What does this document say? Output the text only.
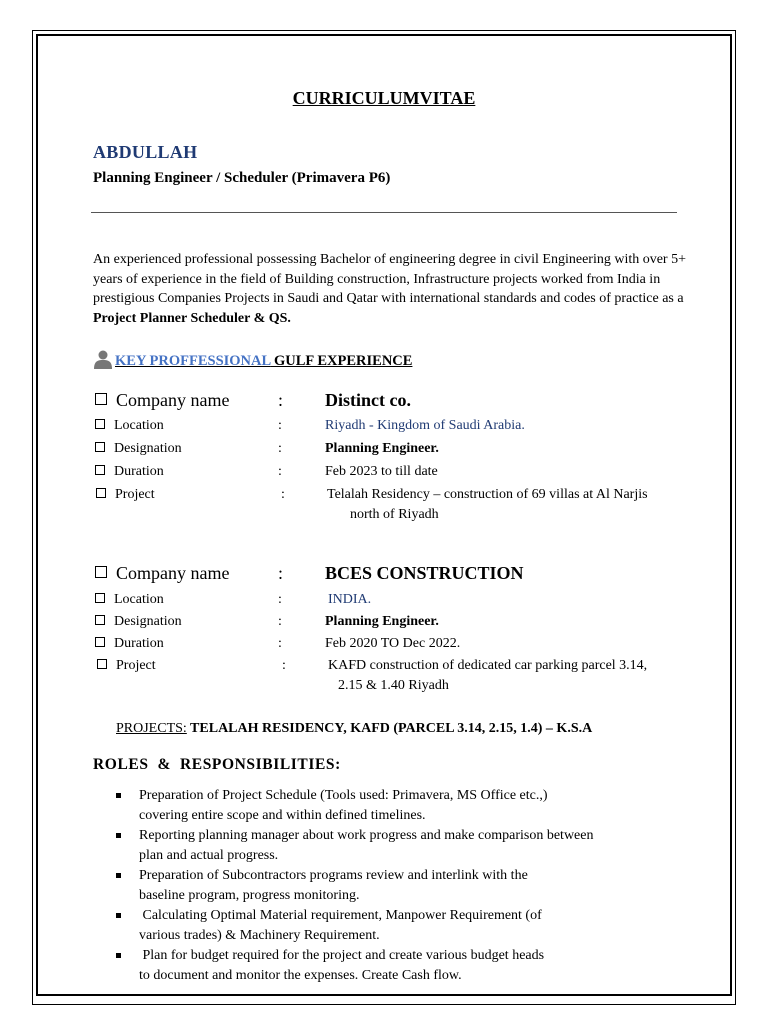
CURRICULUMVITAE
ABDULLAH
Planning Engineer / Scheduler (Primavera P6)
An experienced professional possessing Bachelor of engineering degree in civil Engineering with over 5+ years of experience in the field of Building construction, Infrastructure projects worked from India in prestigious Companies Projects in Saudi and Qatar with international standards and codes of practice as a Project Planner Scheduler & QS.
KEY PROFFESSIONAL GULF EXPERIENCE
Company name	: Distinct co.
Location	:	Riyadh - Kingdom of Saudi Arabia.
Designation	:	Planning Engineer.
Duration	:	Feb 2023 to till date
Project	:	Telalah Residency – construction of 69 villas at Al Narjis
north of Riyadh
Company name	: BCES CONSTRUCTION
Location	:	INDIA.
Designation	:	Planning Engineer.
Duration	:	Feb 2020 TO Dec 2022.
Project	:	KAFD construction of dedicated car parking parcel 3.14,
2.15 & 1.40 Riyadh
PROJECTS: TELALAH RESIDENCY, KAFD (PARCEL 3.14, 2.15, 1.4) – K.S.A
ROLES  &  RESPONSIBILITIES:
Preparation of Project Schedule (Tools used: Primavera, MS Office etc.,)
covering entire scope and within defined timelines.
Reporting planning manager about work progress and make comparison between
plan and actual progress.
Preparation of Subcontractors programs review and interlink with the
baseline program, progress monitoring.
Calculating Optimal Material requirement, Manpower Requirement (of
various trades) & Machinery Requirement.
Plan for budget required for the project and create various budget heads
to document and monitor the expenses. Create Cash flow.
